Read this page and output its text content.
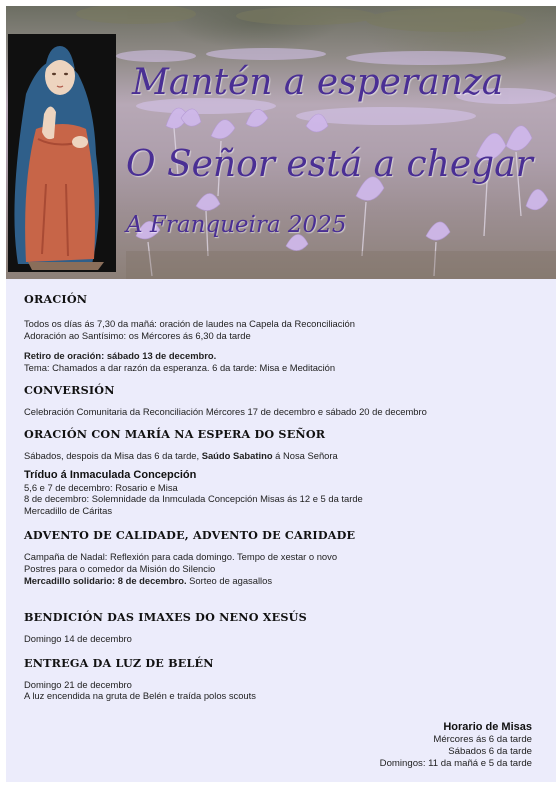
Mantén a esperanza

O Señor está a chegar

A Franqueira 2025

ORACIÓN

Todos os días ás 7,30 da mañá: oración de laudes na Capela da Reconciliación

Adoración ao Santísimo: os Mércores ás 6,30 da tarde

Retiro de oración: sábado 13 de decembro.

Tema: Chamados a dar razón da esperanza. 6 da tarde: Misa e Meditación

CONVERSIÓN

Celebración Comunitaria da Reconciliación Mércores 17 de decembro e sábado 20 de decembro

ORACIÓN CON MARÍA NA ESPERA DO SEÑOR

Sábados, despois da Misa das 6 da tarde, Saúdo Sabatino á Nosa Señora

Tríduo á Inmaculada Concepción

5,6 e 7 de decembro: Rosario e Misa

8 de decembro: Solemnidade da Inmculada Concepción Misas ás 12 e 5 da tarde

Mercadillo de Cáritas

ADVENTO DE CALIDADE, ADVENTO DE CARIDADE

Campaña de Nadal: Reflexión para cada domingo. Tempo de xestar o novo

Postres para o comedor da Misión do Silencio

Mercadillo solidario: 8 de decembro. Sorteo de agasallos

BENDICIÓN DAS IMAXES DO NENO XESÚS

Domingo 14 de decembro

ENTREGA DA LUZ DE BELÉN

Domingo 21 de decembro

A luz encendida na gruta de Belén e traída polos scouts

Horario de Misas
Mércores ás 6 da tarde
Sábados 6 da tarde
Domingos: 11 da mañá e 5 da tarde
